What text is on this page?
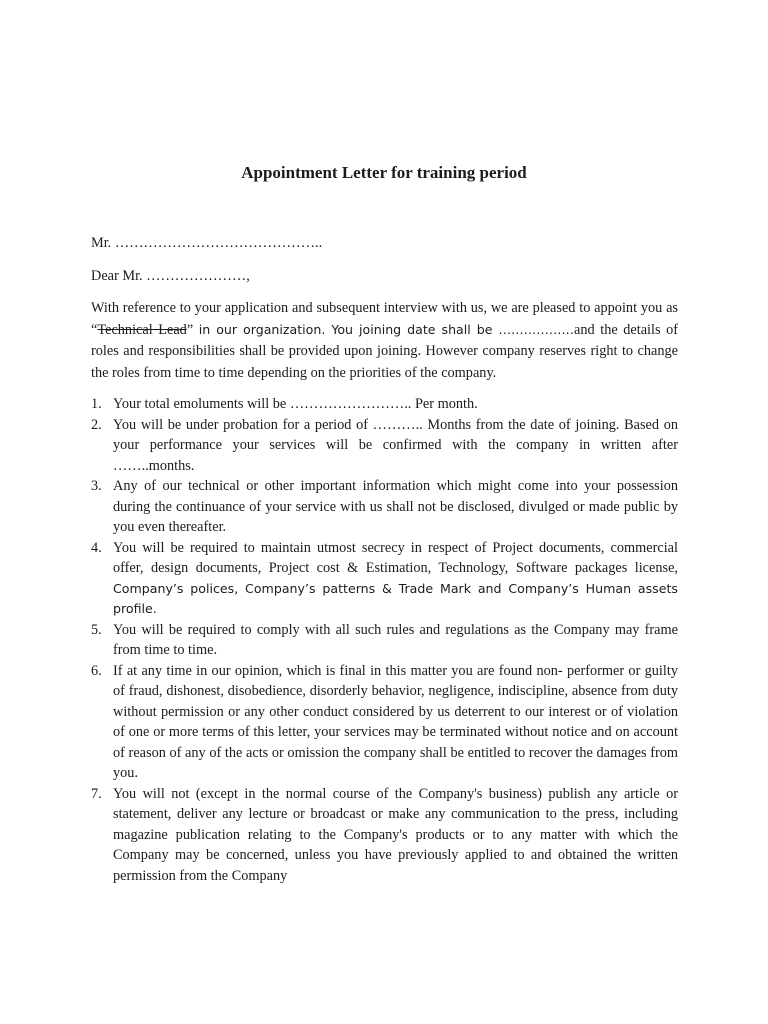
Appointment Letter for training period
Mr. ……………………………………..
Dear Mr. …………………,

With reference to your application and subsequent interview with us, we are pleased to appoint you as “Technical Lead” in our organization. You joining date shall be ………………and the details of roles and responsibilities shall be provided upon joining. However company reserves right to change the roles from time to time depending on the priorities of the company.

1. Your total emoluments will be …………………….. Per month.
2. You will be under probation for a period of ……….. Months from the date of joining. Based on your performance your services will be confirmed with the company in written after ……..months.
3. Any of our technical or other important information which might come into your possession during the continuance of your service with us shall not be disclosed, divulged or made public by you even thereafter.
4. You will be required to maintain utmost secrecy in respect of Project documents, commercial offer, design documents, Project cost & Estimation, Technology, Software packages license, Company’s polices, Company’s patterns & Trade Mark and Company’s Human assets profile.
5. You will be required to comply with all such rules and regulations as the Company may frame from time to time.
6. If at any time in our opinion, which is final in this matter you are found non- performer or guilty of fraud, dishonest, disobedience, disorderly behavior, negligence, indiscipline, absence from duty without permission or any other conduct considered by us deterrent to our interest or of violation of one or more terms of this letter, your services may be terminated without notice and on account of reason of any of the acts or omission the company shall be entitled to recover the damages from you.
7. You will not (except in the normal course of the Company's business) publish any article or statement, deliver any lecture or broadcast or make any communication to the press, including magazine publication relating to the Company's products or to any matter with which the Company may be concerned, unless you have previously applied to and obtained the written permission from the Company
